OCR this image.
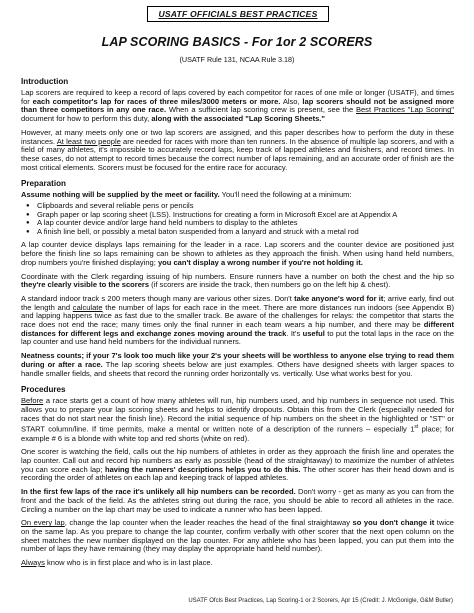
USATF OFFICIALS BEST PRACTICES
LAP SCORING BASICS - For 1or 2 SCORERS
(USATF Rule 131, NCAA Rule 3.18)
Introduction

Lap scorers are required to keep a record of laps covered by each competitor for races of one mile or longer (USATF), and times for each competitor's lap for races of three miles/3000 meters or more. Also, lap scorers should not be assigned more than three competitors in any one race. When a sufficient lap scoring crew is present, see the Best Practices "Lap Scoring" document for how to perform this duty, along with the associated "Lap Scoring Sheets."

However, at many meets only one or two lap scorers are assigned, and this paper describes how to perform the duty in these instances. At least two people are needed for races with more than ten runners. In the absence of multiple lap scorers, and with a field of many athletes, it's impossible to accurately record laps, keep track of lapped athletes and finishers, and record times. In these cases, do not attempt to record times because the correct number of laps remaining, and an accurate order of finish are the most critical elements. Scorers must be focused for the entire race for accuracy.

Preparation

Assume nothing will be supplied by the meet or facility. You'll need the following at a minimum:

● Clipboards and several reliable pens or pencils
● Graph paper or lap scoring sheet (LSS). Instructions for creating a form in Microsoft Excel are at Appendix A
● A lap counter device and/or large hand held numbers to display to the athletes
● A finish line bell, or possibly a metal baton suspended from a lanyard and struck with a metal rod

A lap counter device displays laps remaining for the leader in a race. Lap scorers and the counter device are positioned just before the finish line so laps remaining can be shown to athletes as they approach the finish. When using hand held numbers, drop numbers you're finished displaying; you can't display a wrong number if you're not holding it.

Coordinate with the Clerk regarding issuing of hip numbers. Ensure runners have a number on both the chest and the hip so they're clearly visible to the scorers (if scorers are inside the track, then numbers go on the left hip & chest).

A standard indoor track s 200 meters though many are various other sizes. Don't take anyone's word for it; arrive early, find out the length and calculate the number of laps for each race in the meet. There are more distances run indoors (see Appendix B) and lapping happens twice as fast due to the smaller track. Be aware of the challenges for relays: the competitor that starts the race does not end the race; many times only the final runner in each team wears a hip number, and there may be different distances for different legs and exchange zones moving around the track. It's useful to put the total laps in the race on the lap counter and use hand held numbers for the individual runners.

Neatness counts; if your 7's look too much like your 2's your sheets will be worthless to anyone else trying to read them during or after a race. The lap scoring sheets below are just examples. Others have designed sheets with larger spaces to handle smaller fields, and sheets that record the running order horizontally vs. vertically. Use what works best for you.

Procedures

Before a race starts get a count of how many athletes will run, hip numbers used, and hip numbers in sequence not used. This allows you to prepare your lap scoring sheets and helps to identify dropouts. Obtain this from the Clerk (especially needed for races that do not start near the finish line). Record the initial sequence of hip numbers on the sheet in the highlighted or "ST" or START column/line. If time permits, make a mental or written note of a description of the runners – especially 1st place; for example # 6 is a blonde with white top and red shorts (white on red).

One scorer is watching the field, calls out the hip numbers of athletes in order as they approach the finish line and operates the lap counter. Call out and record hip numbers as early as possible (head of the straightaway) to maximize the number of athletes you can score each lap; having the runners' descriptions helps you to do this. The other scorer has their head down and is recording the order of athletes on each lap and keeping track of lapped athletes.

In the first few laps of the race it's unlikely all hip numbers can be recorded. Don't worry - get as many as you can from the front and the back of the field. As the athletes string out during the race, you should be able to record all athletes in the race. Circling a number on the lap chart may be used to indicate a runner who has been lapped.

On every lap, change the lap counter when the leader reaches the head of the final straightaway so you don't change it twice on the same lap. As you prepare to change the lap counter, confirm verbally with other scorer that the next open column on the sheet matches the new number displayed on the lap counter. For any athlete who has been lapped, you can put them into the number of laps they have remaining (they may display the appropriate hand held number).

Always know who is in first place and who is in last place.

USATF Ofcls Best Practices, Lap Scoring-1 or 2 Scorers, Apr 15 (Credit: J. McGonigle, G&M Butler)
